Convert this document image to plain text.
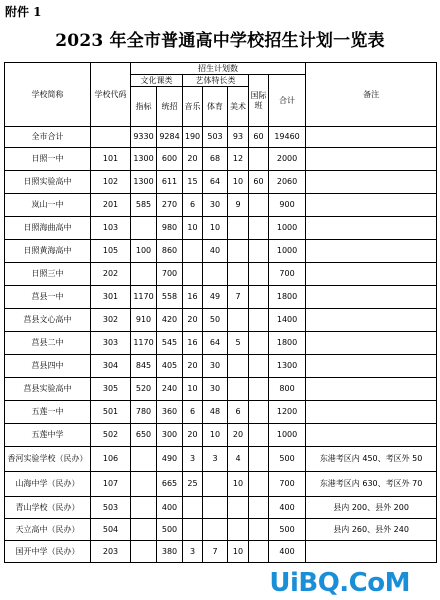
附件 1
2023 年全市普通高中学校招生计划一览表
学校简称	学校代码	招生计划数							备注
		文化课类		艺体特长类			国际班	合计	
		指标	统招	音乐	体育	美术			
全市合计		9330	9284	190	503	93	60	19460	
日照一中	101	1300	600	20	68	12		2000	
日照实验高中	102	1300	611	15	64	10	60	2060	
岚山一中	201	585	270	6	30	9		900	
日照海曲高中	103		980	10	10			1000	
日照黄海高中	105	100	860		40			1000	
日照三中	202		700					700	
莒县一中	301	1170	558	16	49	7		1800	
莒县文心高中	302	910	420	20	50			1400	
莒县二中	303	1170	545	16	64	5		1800	
莒县四中	304	845	405	20	30			1300	
莒县实验高中	305	520	240	10	30			800	
五莲一中	501	780	360	6	48	6		1200	
五莲中学	502	650	300	20	10	20		1000	
香河实验学校（民办）	106		490	3	3	4		500	东港考区内 450、考区外 50
山海中学（民办）	107		665	25		10		700	东港考区内 630、考区外 70
青山学校（民办）	503		400					400	县内 200、县外 200
天立高中（民办）	504		500					500	县内 260、县外 240
国开中学（民办）	203		380	3	7	10		400	
UiBQ.CoM
